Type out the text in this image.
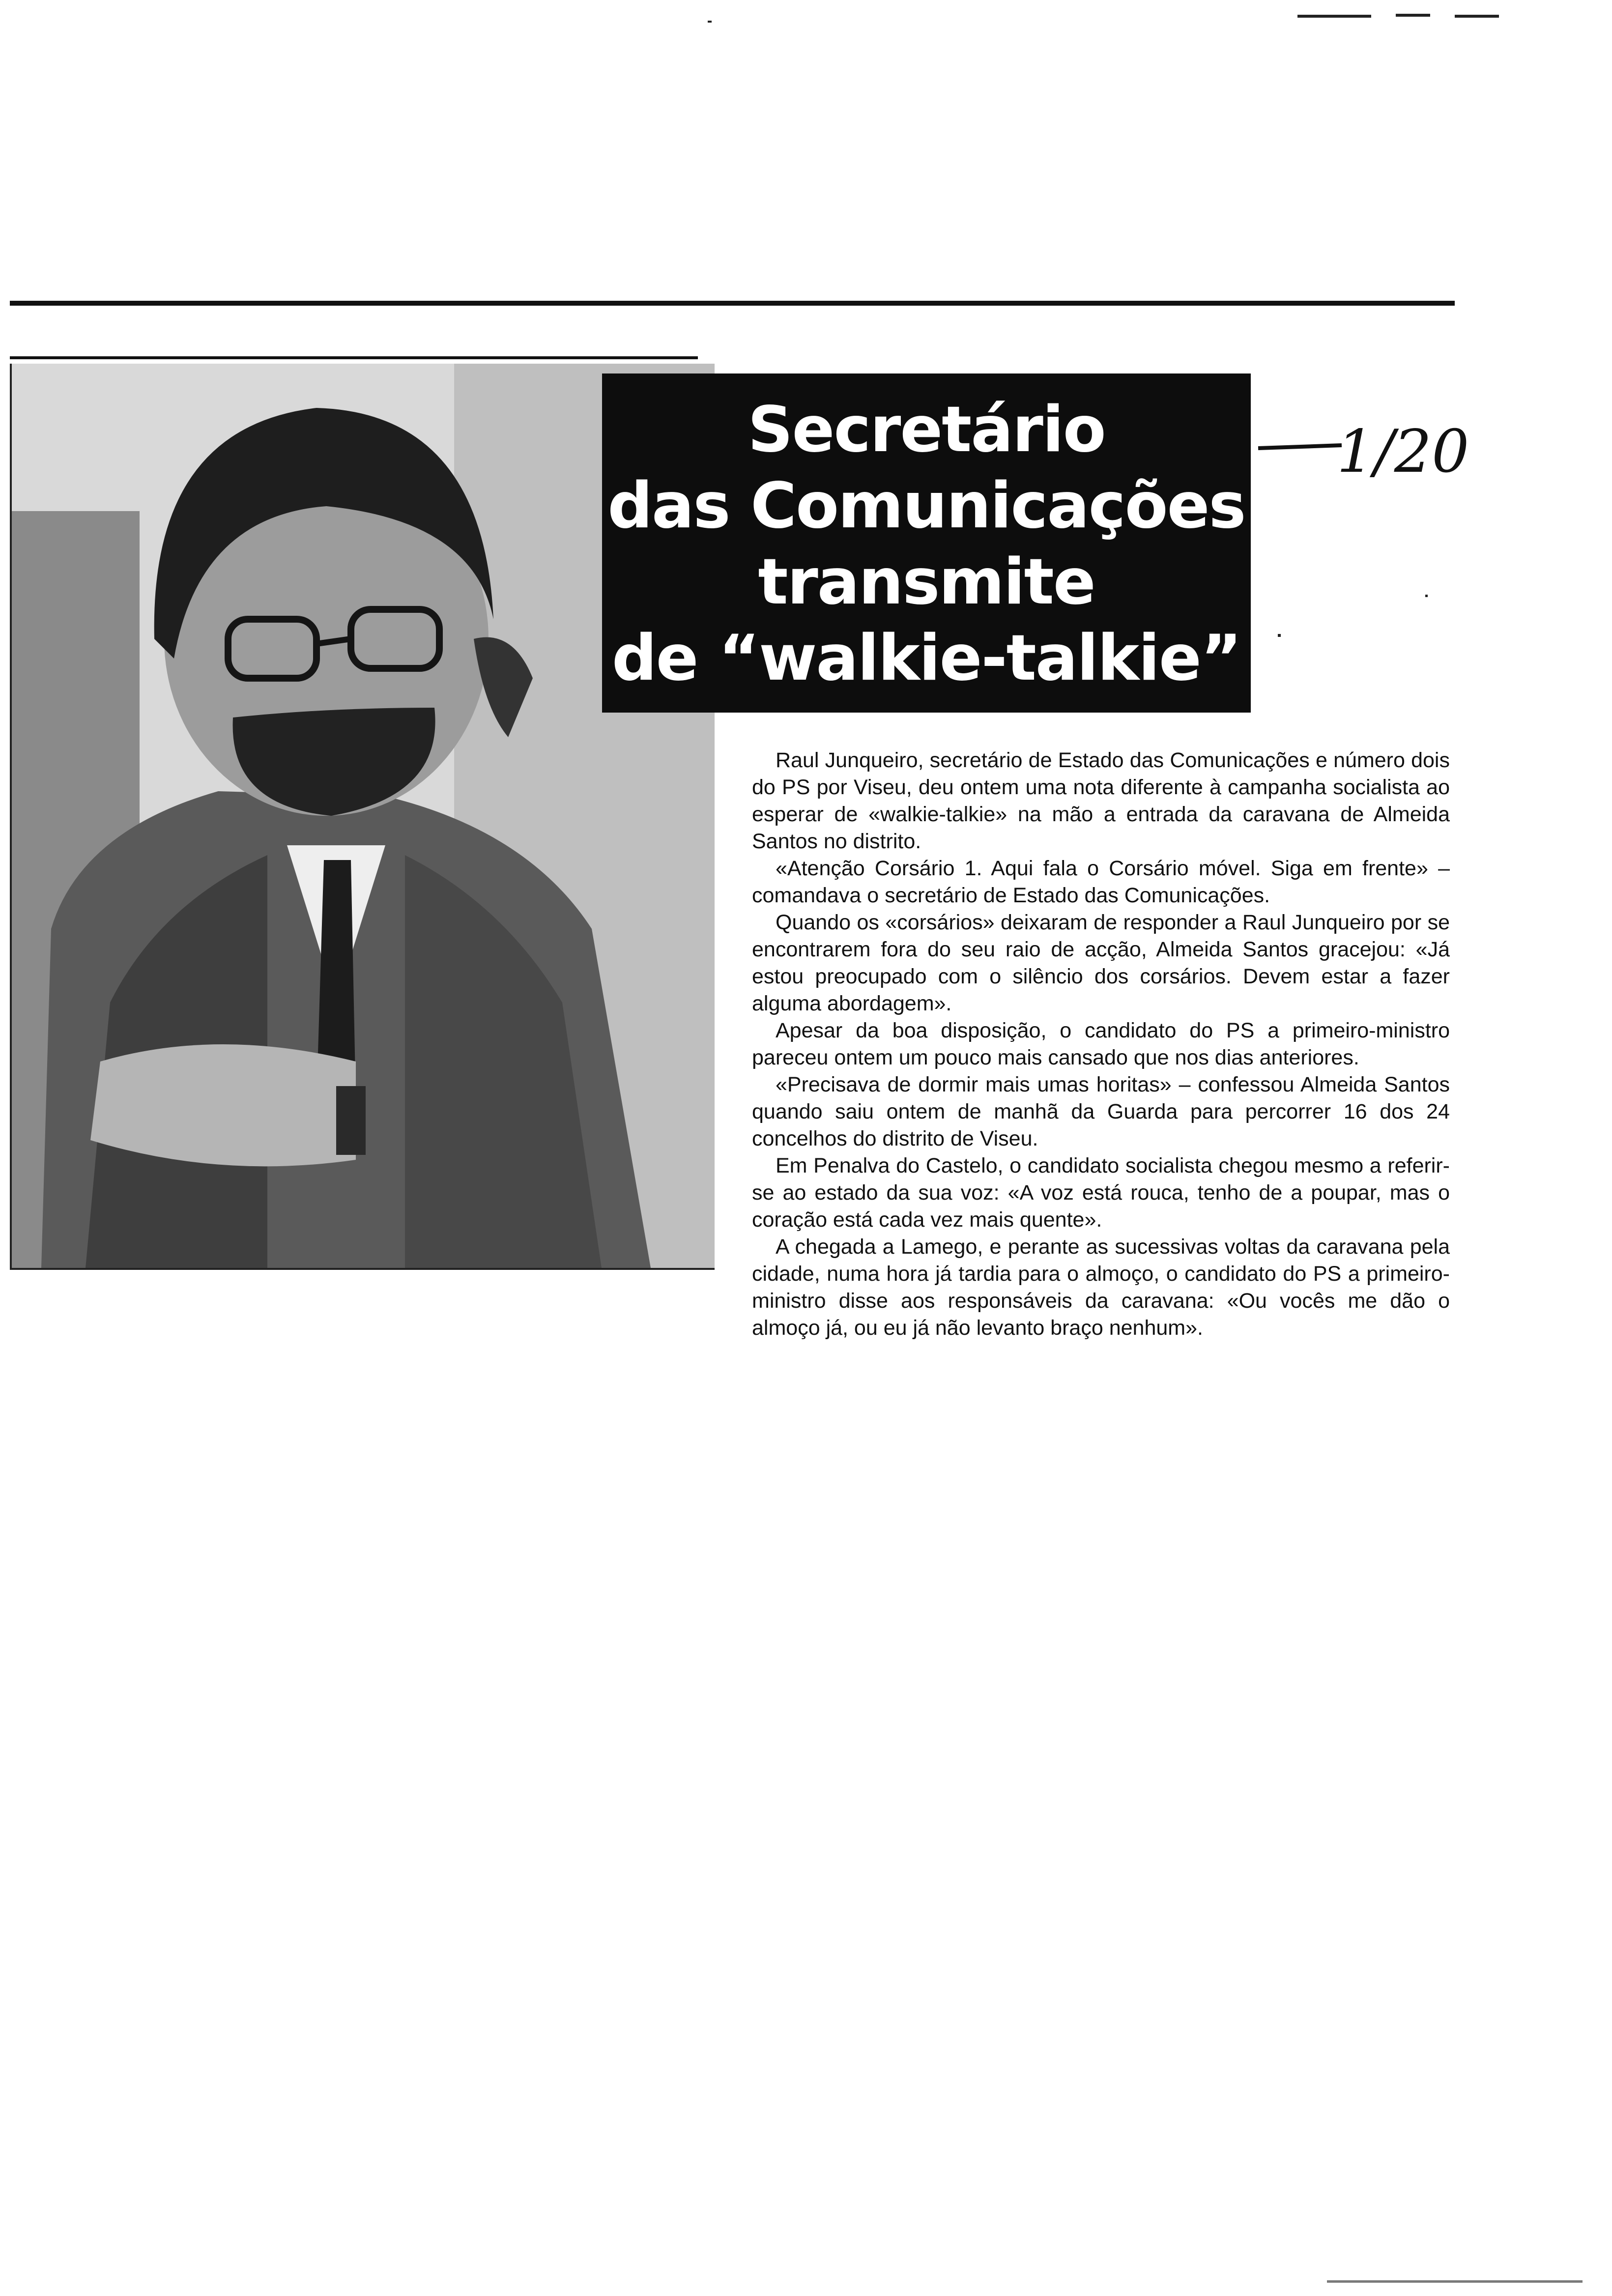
Secretário
das Comunicações
transmite
de “walkie-talkie”
1/20

Raul Junqueiro, secretário de Estado das Comunicações e número dois do PS por Viseu, deu ontem uma nota diferente à campanha socialista ao esperar de «walkie-talkie» na mão a entrada da caravana de Almeida Santos no distrito.

«Atenção Corsário 1. Aqui fala o Corsário móvel. Siga em frente» – comandava o secretário de Estado das Comunicações.

Quando os «corsários» deixaram de responder a Raul Junqueiro por se encontrarem fora do seu raio de acção, Almeida Santos gracejou: «Já estou preocupado com o silêncio dos corsários. Devem estar a fazer alguma abordagem».

Apesar da boa disposição, o candidato do PS a primeiro-ministro pareceu ontem um pouco mais cansado que nos dias anteriores.

«Precisava de dormir mais umas horitas» – confessou Almeida Santos quando saiu ontem de manhã da Guarda para percorrer 16 dos 24 concelhos do distrito de Viseu.

Em Penalva do Castelo, o candidato socialista chegou mesmo a referir-se ao estado da sua voz: «A voz está rouca, tenho de a poupar, mas o coração está cada vez mais quente».

A chegada a Lamego, e perante as sucessivas voltas da caravana pela cidade, numa hora já tardia para o almoço, o candidato do PS a primeiro-ministro disse aos responsáveis da caravana: «Ou vocês me dão o almoço já, ou eu já não levanto braço nenhum».
